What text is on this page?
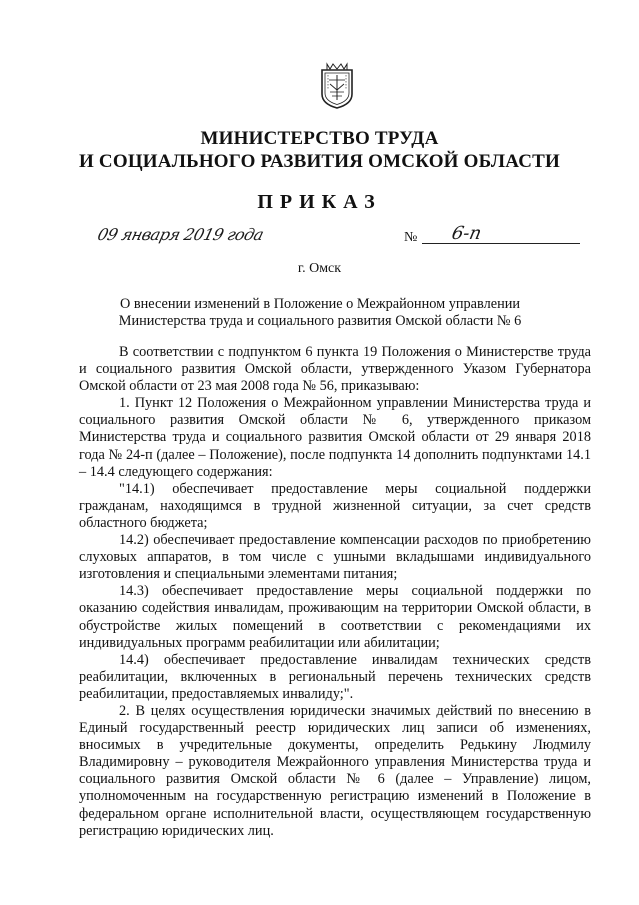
МИНИСТЕРСТВО ТРУДА
И СОЦИАЛЬНОГО РАЗВИТИЯ ОМСКОЙ ОБЛАСТИ
ПРИКАЗ
09 января 2019 года	№ 6-п
г. Омск
О внесении изменений в Положение о Межрайонном управлении
Министерства труда и социального развития Омской области № 6

В соответствии с подпунктом 6 пункта 19 Положения о Министерстве труда и социального развития Омской области, утвержденного Указом Губернатора Омской области от 23 мая 2008 года № 56, приказываю:

1. Пункт 12 Положения о Межрайонном управлении Министерства труда и социального развития Омской области № 6, утвержденного приказом Министерства труда и социального развития Омской области от 29 января 2018 года № 24-п (далее – Положение), после подпункта 14 дополнить подпунктами 14.1 – 14.4 следующего содержания:

"14.1) обеспечивает предоставление меры социальной поддержки гражданам, находящимся в трудной жизненной ситуации, за счет средств областного бюджета;

14.2) обеспечивает предоставление компенсации расходов по приобретению слуховых аппаратов, в том числе с ушными вкладышами индивидуального изготовления и специальными элементами питания;

14.3) обеспечивает предоставление меры социальной поддержки по оказанию содействия инвалидам, проживающим на территории Омской области, в обустройстве жилых помещений в соответствии с рекомендациями их индивидуальных программ реабилитации или абилитации;

14.4) обеспечивает предоставление инвалидам технических средств реабилитации, включенных в региональный перечень технических средств реабилитации, предоставляемых инвалиду;".

2. В целях осуществления юридически значимых действий по внесению в Единый государственный реестр юридических лиц записи об изменениях, вносимых в учредительные документы, определить Редькину Людмилу Владимировну – руководителя Межрайонного управления Министерства труда и социального развития Омской области № 6 (далее – Управление) лицом, уполномоченным на государственную регистрацию изменений в Положение в федеральном органе исполнительной власти, осуществляющем государственную регистрацию юридических лиц.
